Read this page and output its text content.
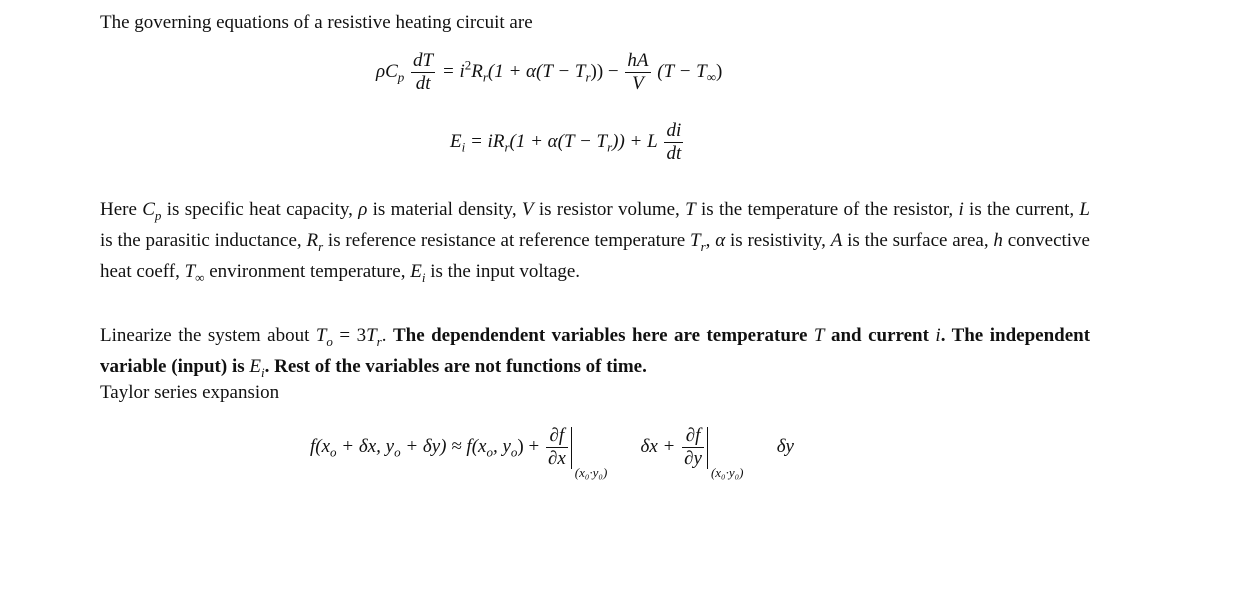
The governing equations of a resistive heating circuit are

$\rho C_p \frac{dT}{dt} = i^2R_r(1 + \alpha(T - T_r)) - \frac{hA}{V} (T - T_\infty)$
$E_i = iR_r(1 + \alpha(T - T_r)) + L \frac{di}{dt}$

Here $C_p$ is specific heat capacity, ρ is material density, V is resistor volume, T is the temperature of the resistor, i is the current, L is the parasitic inductance, $R_r$ is reference resistance at reference temperature $T_r$, α is resistivity, A is the surface area, h convective heat coeff, $T_\infty$ environment temperature, $E_i$ is the input voltage.

Linearize the system about $T_o = 3T_r$. The dependendent variables here are temperature T and current i. The independent variable (input) is $E_i$. Rest of the variables are not functions of time.

Taylor series expansion

$f(x_o + \delta x$, $y_o + \delta y) \approx f(x_o$, $y_o) + \frac{\partial f}{\partial x}$
(x₀·y₀)
$\delta x + \frac{\partial f}{\partial y}$
(x₀·y₀)
δy
